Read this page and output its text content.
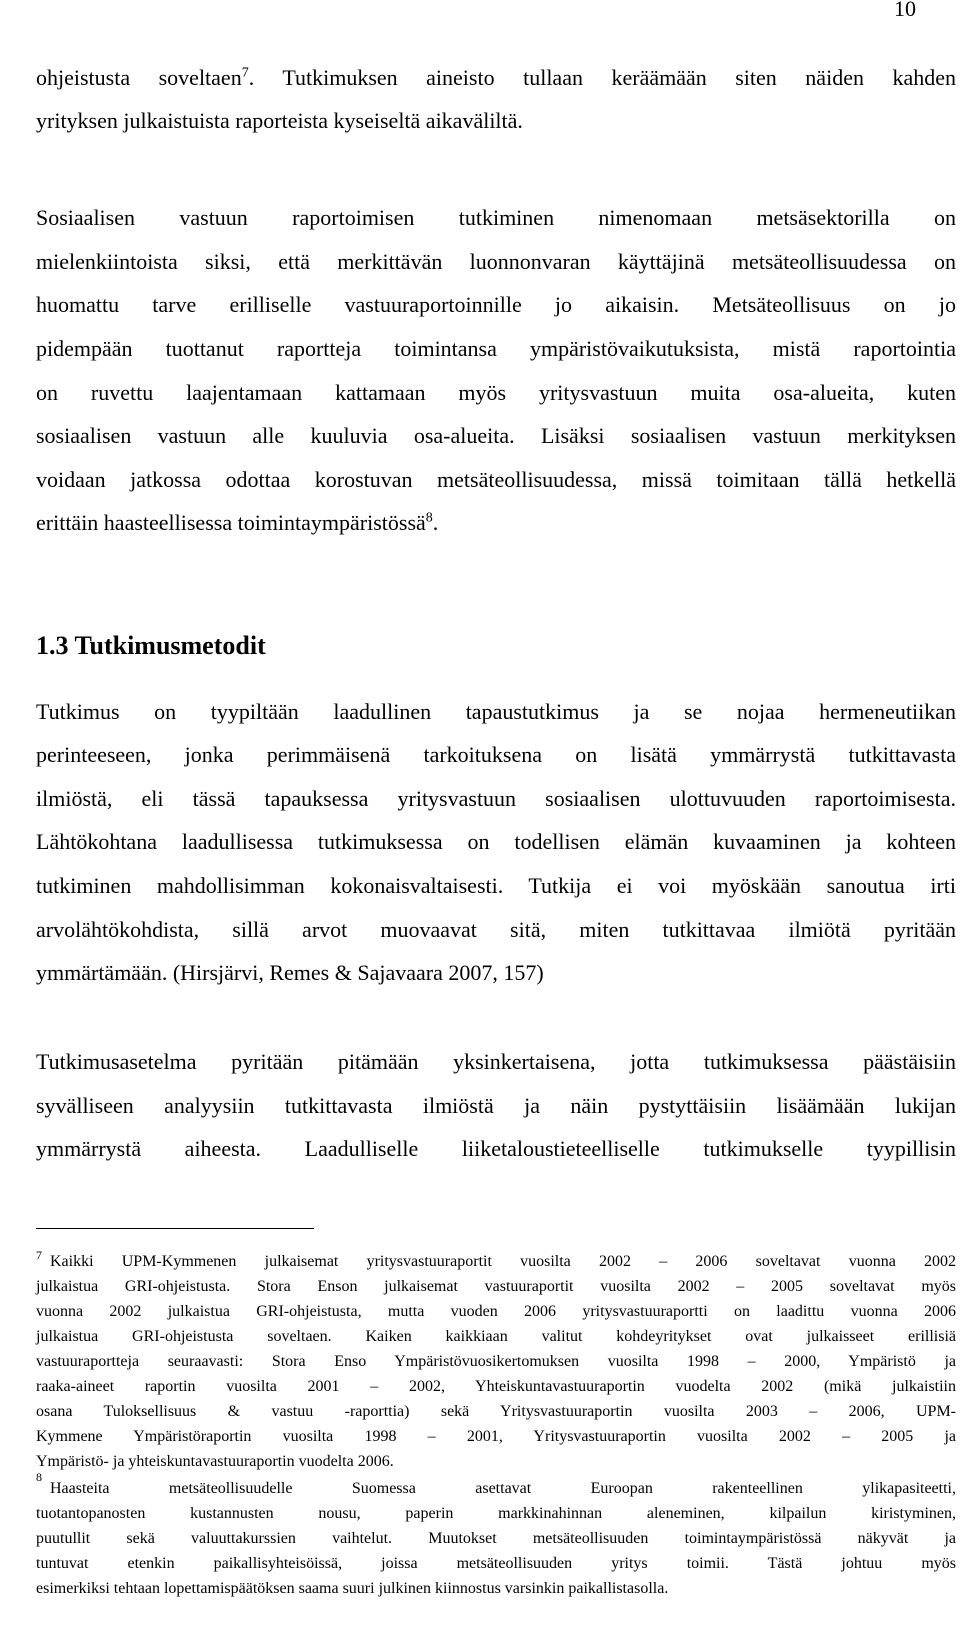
10
ohjeistusta soveltaen$^7$. Tutkimuksen aineisto tullaan keräämään siten näiden kahden
yrityksen julkaistuista raporteista kyseiseltä aikaväliltä.
Sosiaalisen vastuun raportoimisen tutkiminen nimenomaan metsäsektorilla on
mielenkiintoista siksi, että merkittävän luonnonvaran käyttäjinä metsäteollisuudessa on
huomattu tarve erilliselle vastuuraportoinnille jo aikaisin. Metsäteollisuus on jo
pidempään tuottanut raportteja toimintansa ympäristövaikutuksista, mistä raportointia
on ruvettu laajentamaan kattamaan myös yritysvastuun muita osa-alueita, kuten
sosiaalisen vastuun alle kuuluvia osa-alueita. Lisäksi sosiaalisen vastuun merkityksen
voidaan jatkossa odottaa korostuvan metsäteollisuudessa, missä toimitaan tällä hetkellä
erittäin haasteellisessa toimintaympäristössä$^8$.
1.3 Tutkimusmetodit
Tutkimus on tyypiltään laadullinen tapaustutkimus ja se nojaa hermeneutiikan
perinteeseen, jonka perimmäisenä tarkoituksena on lisätä ymmärrystä tutkittavasta
ilmiöstä, eli tässä tapauksessa yritysvastuun sosiaalisen ulottuvuuden raportoimisesta.
Lähtökohtana laadullisessa tutkimuksessa on todellisen elämän kuvaaminen ja kohteen
tutkiminen mahdollisimman kokonaisvaltaisesti. Tutkija ei voi myöskään sanoutua irti
arvolähtökohdista, sillä arvot muovaavat sitä, miten tutkittavaa ilmiötä pyritään
ymmärtämään. (Hirsjärvi, Remes & Sajavaara 2007, 157)
Tutkimusasetelma pyritään pitämään yksinkertaisena, jotta tutkimuksessa päästäisiin
syvälliseen analyysiin tutkittavasta ilmiöstä ja näin pystyttäisiin lisäämään lukijan
ymmärrystä aiheesta. Laadulliselle liiketaloustieteelliselle tutkimukselle tyypillisin
7 Kaikki UPM-Kymmenen julkaisemat yritysvastuuraportit vuosilta 2002 – 2006 soveltavat vuonna 2002
julkaistua GRI-ohjeistusta. Stora Enson julkaisemat vastuuraportit vuosilta 2002 – 2005 soveltavat myös
vuonna 2002 julkaistua GRI-ohjeistusta, mutta vuoden 2006 yritysvastuuraportti on laadittu vuonna 2006
julkaistua GRI-ohjeistusta soveltaen. Kaiken kaikkiaan valitut kohdeyritykset ovat julkaisseet erillisiä
vastuuraportteja seuraavasti: Stora Enso Ympäristövuosikertomuksen vuosilta 1998 – 2000, Ympäristö ja
raaka-aineet raportin vuosilta 2001 – 2002, Yhteiskuntavastuuraportin vuodelta 2002 (mikä julkaistiin
osana Tuloksellisuus & vastuu -raporttia) sekä Yritysvastuuraportin vuosilta 2003 – 2006, UPM-
Kymmene Ympäristöraportin vuosilta 1998 – 2001, Yritysvastuuraportin vuosilta 2002 – 2005 ja
Ympäristö- ja yhteiskuntavastuuraportin vuodelta 2006.
8
Haasteita metsäteollisuudelle Suomessa asettavat Euroopan rakenteellinen ylikapasiteetti,
tuotantopanosten kustannusten nousu, paperin markkinahinnan aleneminen, kilpailun kiristyminen,
puutullit sekä valuuttakurssien vaihtelut. Muutokset metsäteollisuuden toimintaympäristössä näkyvät ja
tuntuvat etenkin paikallisyhteisöissä, joissa metsäteollisuuden yritys toimii. Tästä johtuu myös
esimerkiksi tehtaan lopettamispäätöksen saama suuri julkinen kiinnostus varsinkin paikallistasolla.
